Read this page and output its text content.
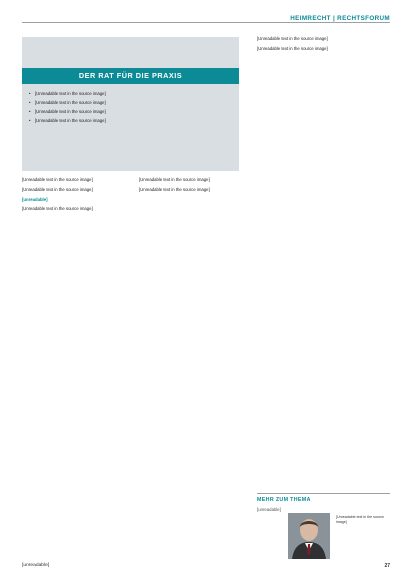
HEIMRECHT | RECHTSFORUM
DER RAT FÜR DIE PRAXIS
• [Unreadable text in the source image]
• [Unreadable text in the source image]
• [Unreadable text in the source image]
• [Unreadable text in the source image]

[Unreadable text in the source image]

[Unreadable text in the source image]

[unreadable]

[Unreadable text in the source image]

[Unreadable text in the source image]

[Unreadable text in the source image]

[Unreadable text in the source image]

[Unreadable text in the source image]

MEHR ZUM THEMA
[unreadable]
[Unreadable text in the source image]
[unreadable]	27
